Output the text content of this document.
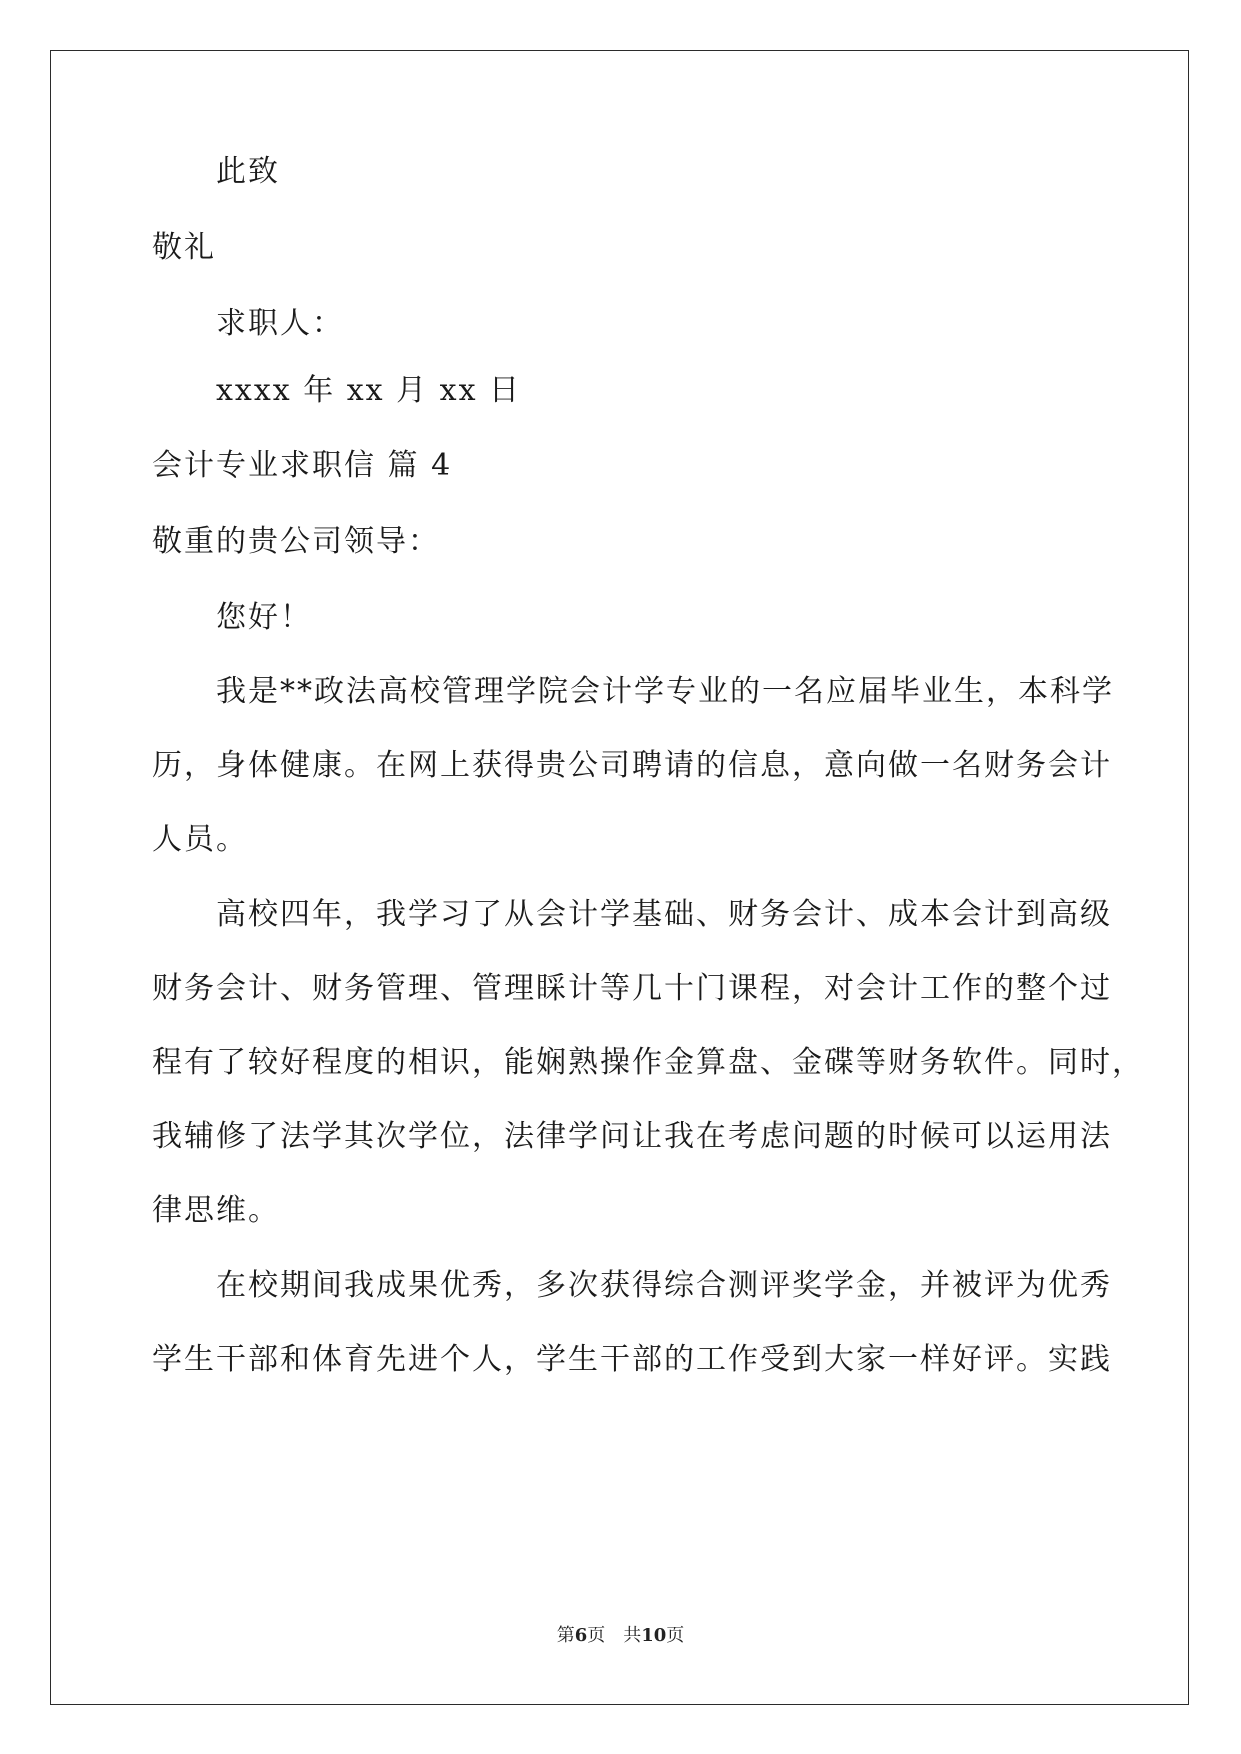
此致
敬礼
求职人：
xxxx 年 xx 月 xx 日
会计专业求职信 篇 4
敬重的贵公司领导：
您好！
我是**政法高校管理学院会计学专业的一名应届毕业生，本科学
历，身体健康。在网上获得贵公司聘请的信息，意向做一名财务会计
人员。
高校四年，我学习了从会计学基础、财务会计、成本会计到高级
财务会计、财务管理、管理睬计等几十门课程，对会计工作的整个过
程有了较好程度的相识，能娴熟操作金算盘、金碟等财务软件。同时，
我辅修了法学其次学位，法律学问让我在考虑问题的时候可以运用法
律思维。
在校期间我成果优秀，多次获得综合测评奖学金，并被评为优秀
学生干部和体育先进个人，学生干部的工作受到大家一样好评。实践
第6页 共10页
